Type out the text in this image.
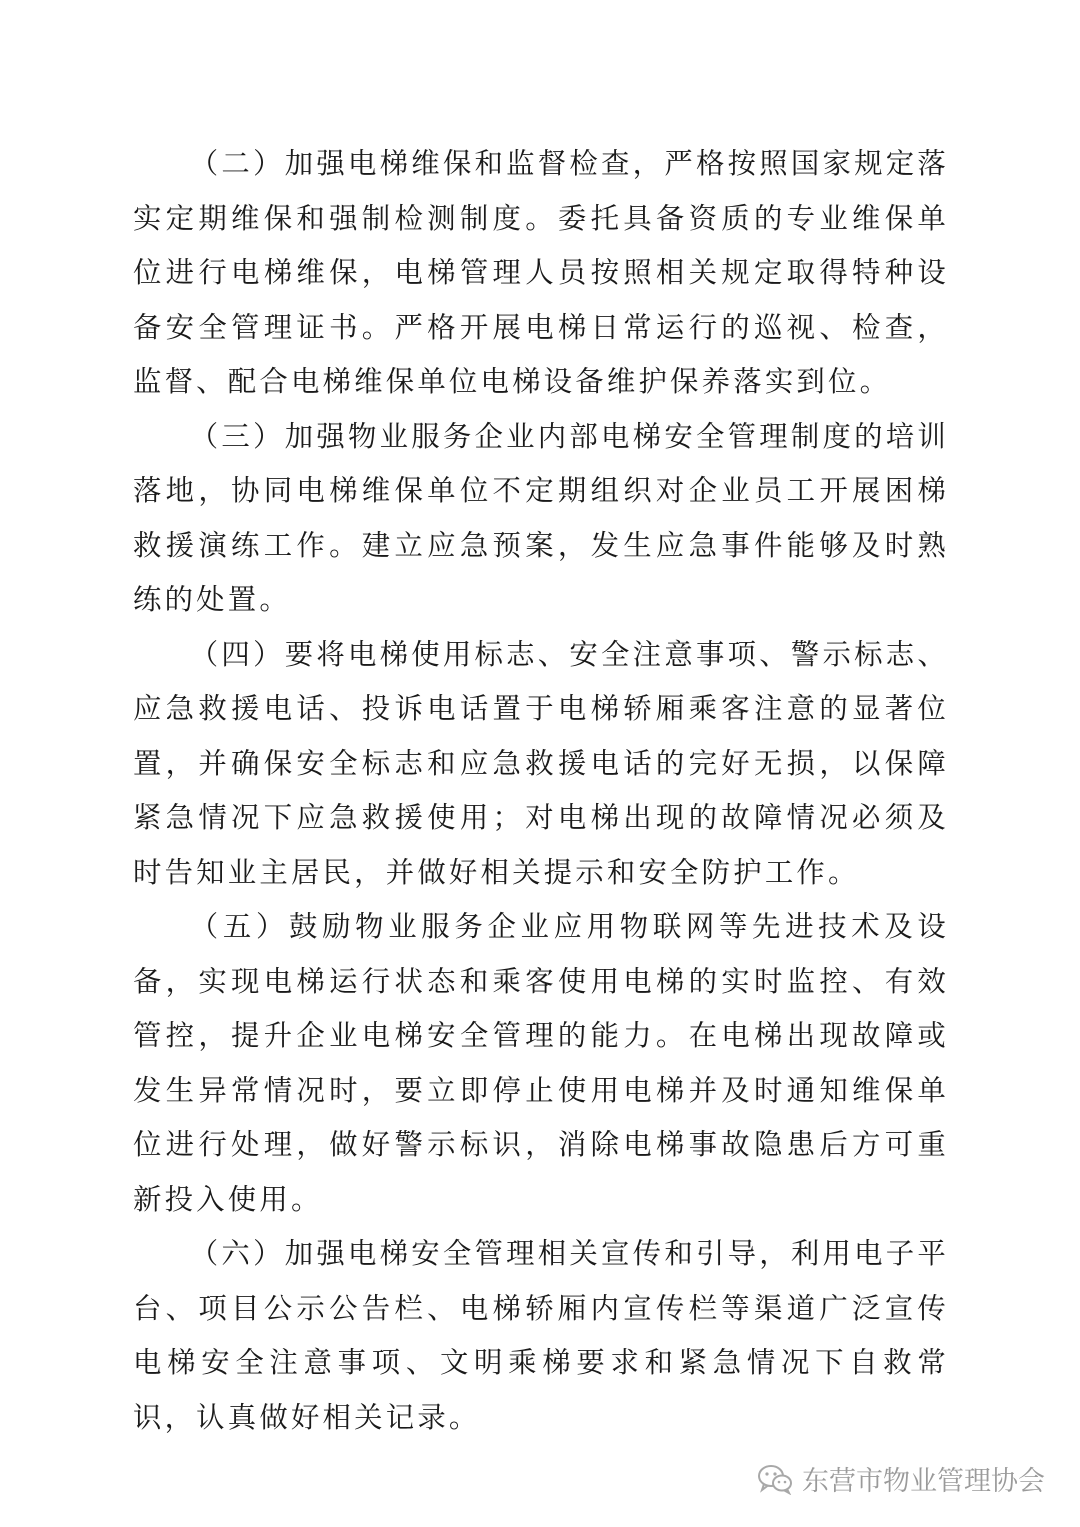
（二）加强电梯维保和监督检查，严格按照国家规定落实定期维保和强制检测制度。委托具备资质的专业维保单位进行电梯维保，电梯管理人员按照相关规定取得特种设备安全管理证书。严格开展电梯日常运行的巡视、检查，监督、配合电梯维保单位电梯设备维护保养落实到位。

（三）加强物业服务企业内部电梯安全管理制度的培训落地，协同电梯维保单位不定期组织对企业员工开展困梯救援演练工作。建立应急预案，发生应急事件能够及时熟练的处置。

（四）要将电梯使用标志、安全注意事项、警示标志、应急救援电话、投诉电话置于电梯轿厢乘客注意的显著位置，并确保安全标志和应急救援电话的完好无损，以保障紧急情况下应急救援使用；对电梯出现的故障情况必须及时告知业主居民，并做好相关提示和安全防护工作。

（五）鼓励物业服务企业应用物联网等先进技术及设备，实现电梯运行状态和乘客使用电梯的实时监控、有效管控，提升企业电梯安全管理的能力。在电梯出现故障或发生异常情况时，要立即停止使用电梯并及时通知维保单位进行处理，做好警示标识，消除电梯事故隐患后方可重新投入使用。

（六）加强电梯安全管理相关宣传和引导，利用电子平台、项目公示公告栏、电梯轿厢内宣传栏等渠道广泛宣传电梯安全注意事项、文明乘梯要求和紧急情况下自救常识，认真做好相关记录。

东营市物业管理协会
